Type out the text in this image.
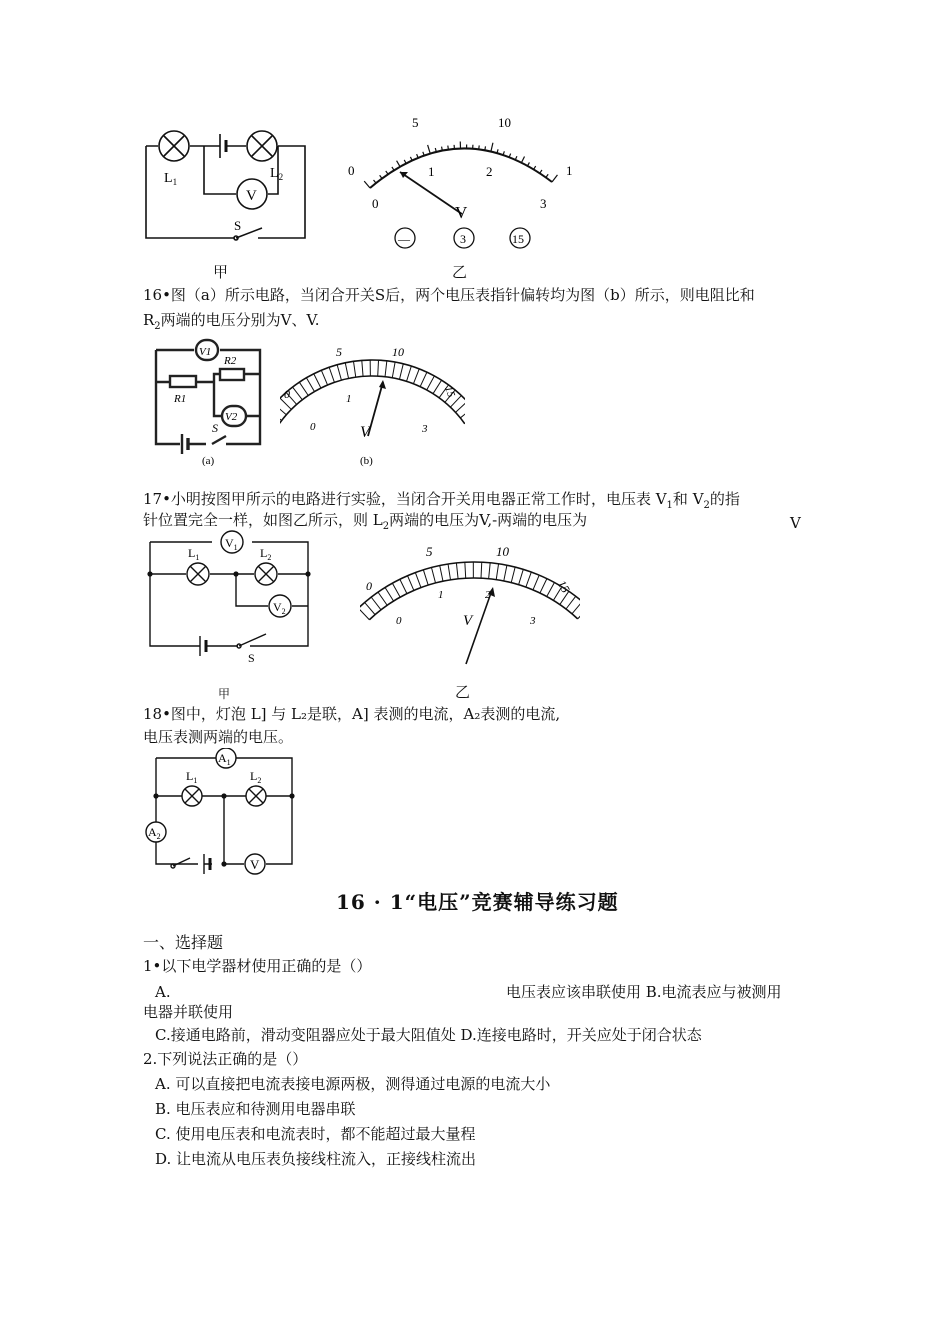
$L_1$
$L_2$
V
S
甲
5	10
0	1
0
1	2
3
V
—	3	15
乙
16•图（a）所示电路，当闭合开关S后，两个电压表指针偏转均为图（b）所示，则电阻比和
$R_2$两端的电压分别为V、V.
V1
R2
R1
V2
S
(a)
5	10
0	15
0
1
3
V
(b)
17•小明按图甲所示的电路进行实验，当闭合开关用电器正常工作时，电压表 $V_1$和 $V_2$的指
针位置完全一样，如图乙所示，则 $L_2$两端的电压为V,-两端的电压为	V
$V_1$
$L_1$	$L_2$
$V_2$
S
甲
5	10
0	15
0
1	2
3
V
乙
18•图中，灯泡 L] 与 L₂是联，A] 表测的电流，A₂表测的电流,
电压表测两端的电压。
$A_1$
$L_1$	$L_2$
$A_2$
V
16 · 1“电压”竞赛辅导练习题
一、选择题
1•以下电学器材使用正确的是（）
A.	电压表应该串联使用 B.电流表应与被测用
电器并联使用
C.接通电路前，滑动变阻器应处于最大阻值处 D.连接电路时，开关应处于闭合状态
2.下列说法正确的是（）
A. 可以直接把电流表接电源两极，测得通过电源的电流大小
B. 电压表应和待测用电器串联
C. 使用电压表和电流表时，都不能超过最大量程
D. 让电流从电压表负接线柱流入，正接线柱流出
